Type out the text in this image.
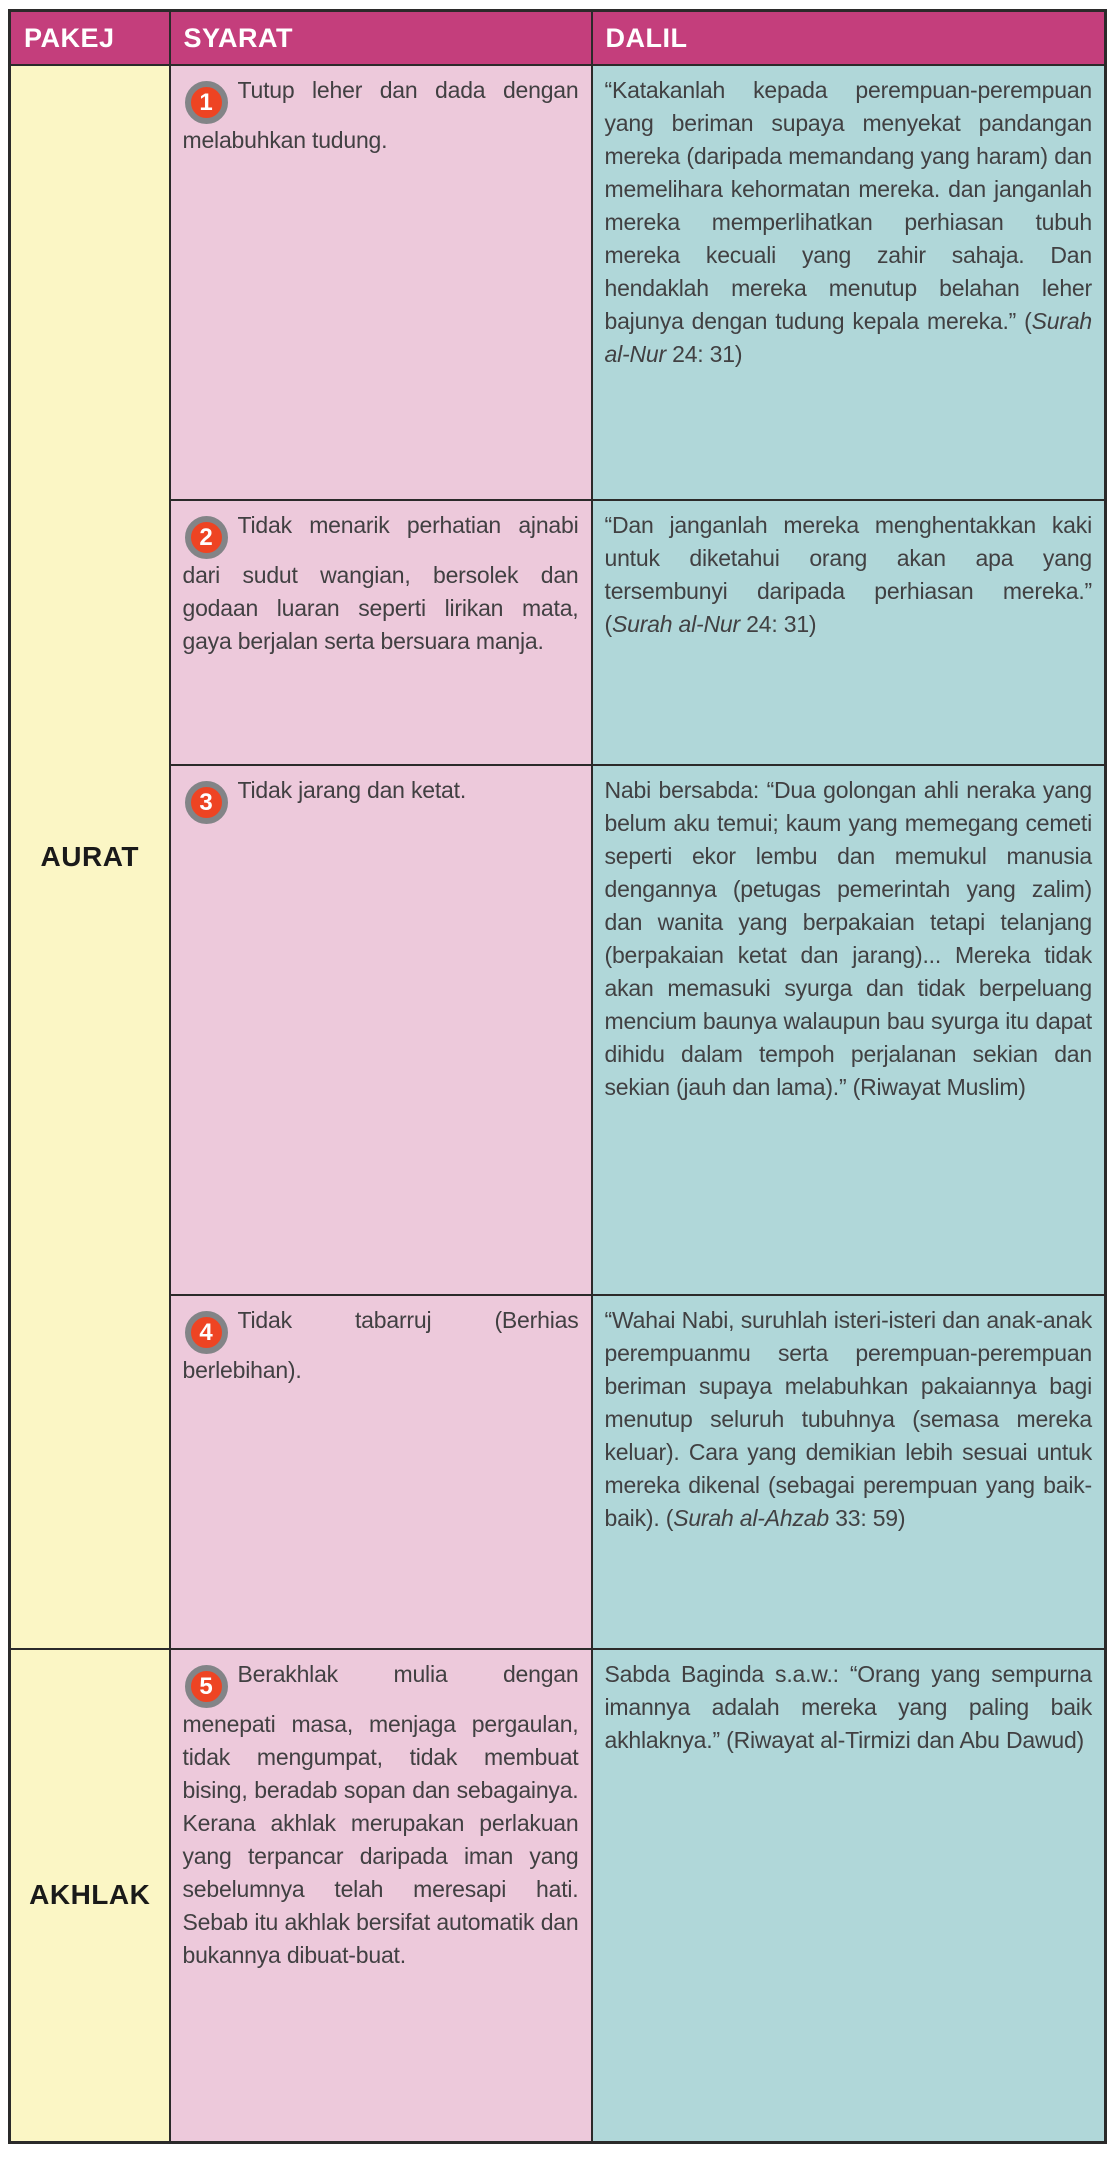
PAKEJ	SYARAT	DALIL
AURAT	1 Tutup leher dan dada dengan melabuhkan tudung.	“Katakanlah kepada perempuan-perempuan yang beriman supaya menyekat pandangan mereka (daripada memandang yang haram) dan memelihara kehormatan mereka. dan janganlah mereka memperlihatkan perhiasan tubuh mereka kecuali yang zahir sahaja. Dan hendaklah mereka menutup belahan leher bajunya dengan tudung kepala mereka.” (Surah al-Nur 24: 31)

	2 Tidak menarik perhatian ajnabi dari sudut wangian, bersolek dan godaan luaran seperti lirikan mata, gaya berjalan serta bersuara manja.	“Dan janganlah mereka menghentakkan kaki untuk diketahui orang akan apa yang tersembunyi daripada perhiasan mereka.” (Surah al-Nur 24: 31)

	3 Tidak jarang dan ketat.	Nabi bersabda: “Dua golongan ahli neraka yang belum aku temui; kaum yang memegang cemeti seperti ekor lembu dan memukul manusia dengannya (petugas pemerintah yang zalim) dan wanita yang berpakaian tetapi telanjang (berpakaian ketat dan jarang)... Mereka tidak akan memasuki syurga dan tidak berpeluang mencium baunya walaupun bau syurga itu dapat dihidu dalam tempoh perjalanan sekian dan sekian (jauh dan lama).” (Riwayat Muslim)

	4 Tidak tabarruj (Berhias berlebihan).	“Wahai Nabi, suruhlah isteri-isteri dan anak-anak perempuanmu serta perempuan-perempuan beriman supaya melabuhkan pakaiannya bagi menutup seluruh tubuhnya (semasa mereka keluar). Cara yang demikian lebih sesuai untuk mereka dikenal (sebagai perempuan yang baik-baik). (Surah al-Ahzab 33: 59)

AKHLAK	5 Berakhlak mulia dengan menepati masa, menjaga pergaulan, tidak mengumpat, tidak membuat bising, beradab sopan dan sebagainya. Kerana akhlak merupakan perlakuan yang terpancar daripada iman yang sebelumnya telah meresapi hati. Sebab itu akhlak bersifat automatik dan bukannya dibuat-buat.	Sabda Baginda s.a.w.: “Orang yang sempurna imannya adalah mereka yang paling baik akhlaknya.” (Riwayat al-Tirmizi dan Abu Dawud)
